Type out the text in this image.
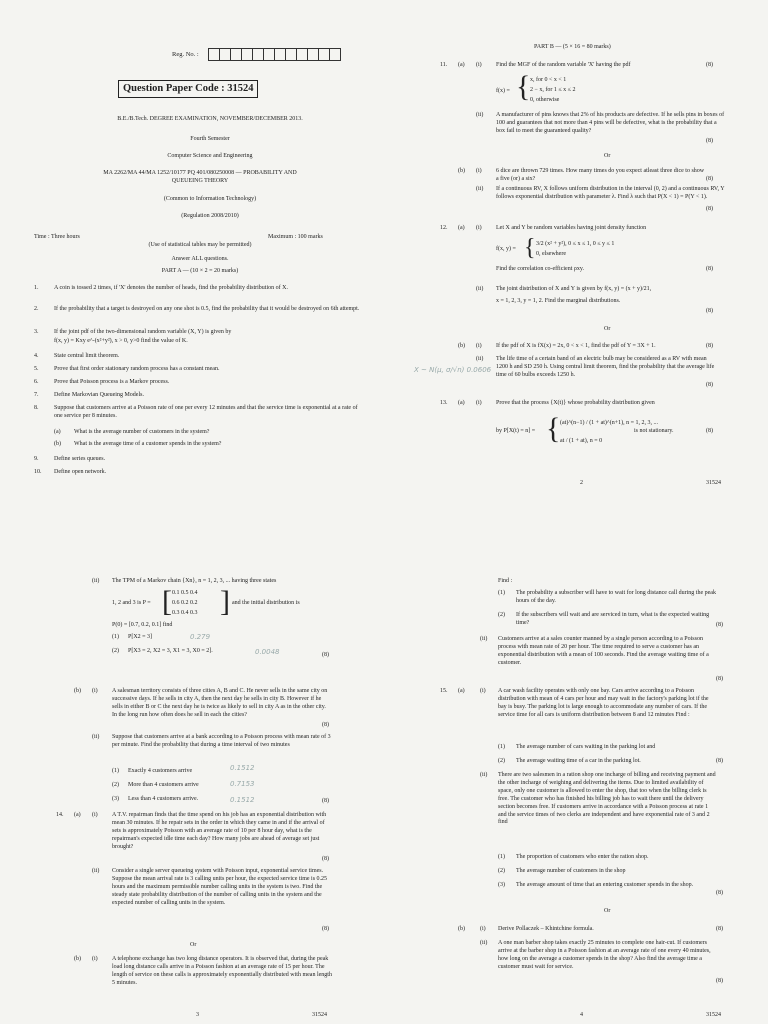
Reg. No. :
Question Paper Code : 31524
B.E./B.Tech. DEGREE EXAMINATION, NOVEMBER/DECEMBER 2013.
Fourth Semester
Computer Science and Engineering
MA 2262/MA 44/MA 1252/10177 PQ 401/080250008 — PROBABILITY AND
QUEUEING THEORY
(Common to Information Technology)
(Regulation 2008/2010)
Time : Three hours	Maximum : 100 marks
(Use of statistical tables may be permitted)
Answer ALL questions.
PART A — (10 × 2 = 20 marks)
1.	A coin is tossed 2 times, if 'X' denotes the number of heads, find the probability distribution of X.
2.	If the probability that a target is destroyed on any one shot is 0.5, find the probability that it would be destroyed on 6th attempt.
3.	If the joint pdf of the two-dimensional random variable (X, Y) is given by
f(x, y) = Kxy e^-(x²+y²), x > 0, y>0 find the value of K.
4.	State central limit theorem.
5.	Prove that first order stationary random process has a constant mean.
6.	Prove that Poisson process is a Markov process.
7.	Define Markovian Queueing Models.
8.	Suppose that customers arrive at a Poisson rate of one per every 12 minutes and that the service time is exponential at a rate of one service per 8 minutes.
(a) What is the average number of customers in the system?
(b) What is the average time of a customer spends in the system?
9.	Define series queues.
10. Define open network.
PART B — (5 × 16 = 80 marks)
11. (a) (i) Find the MGF of the random variable 'X' having the pdf	(8)
f(x) = { x, for 0 < x < 1
2 − x, for 1 ≤ x ≤ 2
0, otherwise
(ii) A manufacturer of pins knows that 2% of his products are defective. If he sells pins in boxes of 100 and guarantees that not more than 4 pins will be defective, what is the probability that a box fail to meet the guaranteed quality?
(8)
Or
(b) (i) 6 dice are thrown 729 times. How many times do you expect atleast three dice to show a five (or) a six?	(8)
(ii) If a continuous RV, X follows uniform distribution in the interval (0, 2) and a continuous RV, Y follows exponential distribution with parameter λ. Find λ such that P(X < 1) = P(Y < 1).
(8)
12. (a) (i) Let X and Y be random variables having joint density function
f(x, y) = { 3/2 (x² + y²), 0 ≤ x ≤ 1, 0 ≤ y ≤ 1
0, elsewhere
Find the correlation co-efficient ρxy.	(8)
(ii) The joint distribution of X and Y is given by f(x, y) = (x + y)/21,
x = 1, 2, 3, y = 1, 2. Find the marginal distributions.
(8)
Or
(b) (i) If the pdf of X is fX(x) = 2x, 0 < x < 1, find the pdf of Y = 3X + 1.	(8)
(ii) The life time of a certain band of an electric bulb may be considered as a RV with mean 1200 h and SD 250 h. Using central limit theorem, find the probability that the average life time of 60 bulbs exceeds 1250 h.
(8)
X ~ N(μ, σ/√n) 0.0606
13. (a) (i) Prove that the process {X(t)} whose probability distribution given
by P[X(t) = n] = { (at)^(n−1) / (1 + at)^(n+1), n = 1, 2, 3, ...
at / (1 + at), n = 0
is not stationary.	(8)
2	31524
(ii) The TPM of a Markov chain {Xn}, n = 1, 2, 3, ... having three states
1, 2 and 3 is P = [ 0.1 0.5 0.4
0.6 0.2 0.2
0.3 0.4 0.3 ] and the initial distribution is
P(0) = [0.7, 0.2, 0.1] find
(1) P[X2 = 3]	0.279
(2) P[X3 = 2, X2 = 3, X1 = 3, X0 = 2].	0.0048	(8)
(b) (i) A salesman territory consists of three cities A, B and C. He never sells in the same city on successive days. If he sells in city A, then the next day he sells in city B. However if he sells in either B or C the next day he is twice as likely to sell in city A as in the other city. In the long run how often does he sell in each the cities?
(8)
(ii) Suppose that customers arrive at a bank according to a Poisson process with mean rate of 3 per minute. Find the probability that during a time interval of two minutes
(1) Exactly 4 customers arrive	0.1512
(2) More than 4 customers arrive	0.7153
(3) Less than 4 customers arrive.	0.1512	(8)
14. (a) (i) A T.V. repairman finds that the time spend on his job has an exponential distribution with mean 30 minutes. If he repair sets in the order in which they came in and if the arrival of sets is approximately Poisson with an average rate of 10 per 8 hour day, what is the repairman's expected idle time each day? How many jobs are ahead of average set just brought?
(8)
(ii) Consider a single server queueing system with Poisson input, exponential service times. Suppose the mean arrival rate is 3 calling units per hour, the expected service time is 0.25 hours and the maximum permissible number calling units in the system is two. Find the steady state probability distribution of the number of calling units in the system and the expected number of calling units in the system.
(8)
Or
(b) (i) A telephone exchange has two long distance operators. It is observed that, during the peak load long distance calls arrive in a Poisson fashion at an average rate of 15 per hour. The length of service on these calls is approximately exponentially distributed with mean length 5 minutes.
3	31524
Find :
(1) The probability a subscriber will have to wait for long distance call during the peak hours of the day.
(2) If the subscribers will wait and are serviced in turn, what is the expected waiting time?	(8)
(ii) Customers arrive at a sales counter manned by a single person according to a Poisson process with mean rate of 20 per hour. The time required to serve a customer has an exponential distribution with a mean of 100 seconds. Find the average waiting time of a customer.
(8)
15. (a)	(i) A car wash facility operates with only one bay. Cars arrive according to a Poisson distribution with mean of 4 cars per hour and may wait in the factory's parking lot if the bay is busy. The parking lot is large enough to accommodate any number of cars. If the service time for all cars is uniform distribution between 8 and 12 minutes Find :
(1) The average number of cars waiting in the parking lot and
(2) The average waiting time of a car in the parking lot.	(8)
(ii) There are two salesmen in a ration shop one incharge of billing and receiving payment and the other incharge of weighing and delivering the items. Due to limited availability of space, only one customer is allowed to enter the shop, that too when the billing clerk is free. The customer who has finished his billing job has to wait there until the delivery section becomes free. If customers arrive in accordance with a Poisson process at rate 1 and the service times of two clerks are independent and have exponential rate of 3 and 2 find
(1) The proportion of customers who enter the ration shop.
(2) The average number of customers in the shop
(3) The average amount of time that an entering customer spends in the shop.
(8)
Or
(b)	(i) Derive Pollaczek – Khintchine formula.	(8)
(ii) A one man barber shop takes exactly 25 minutes to complete one hair-cut. If customers arrive at the barber shop in a Poisson fashion at an average rate of one every 40 minutes, how long on the average a customer spends in the shop? Also find the average time a customer must wait for service.
(8)
4	31524
